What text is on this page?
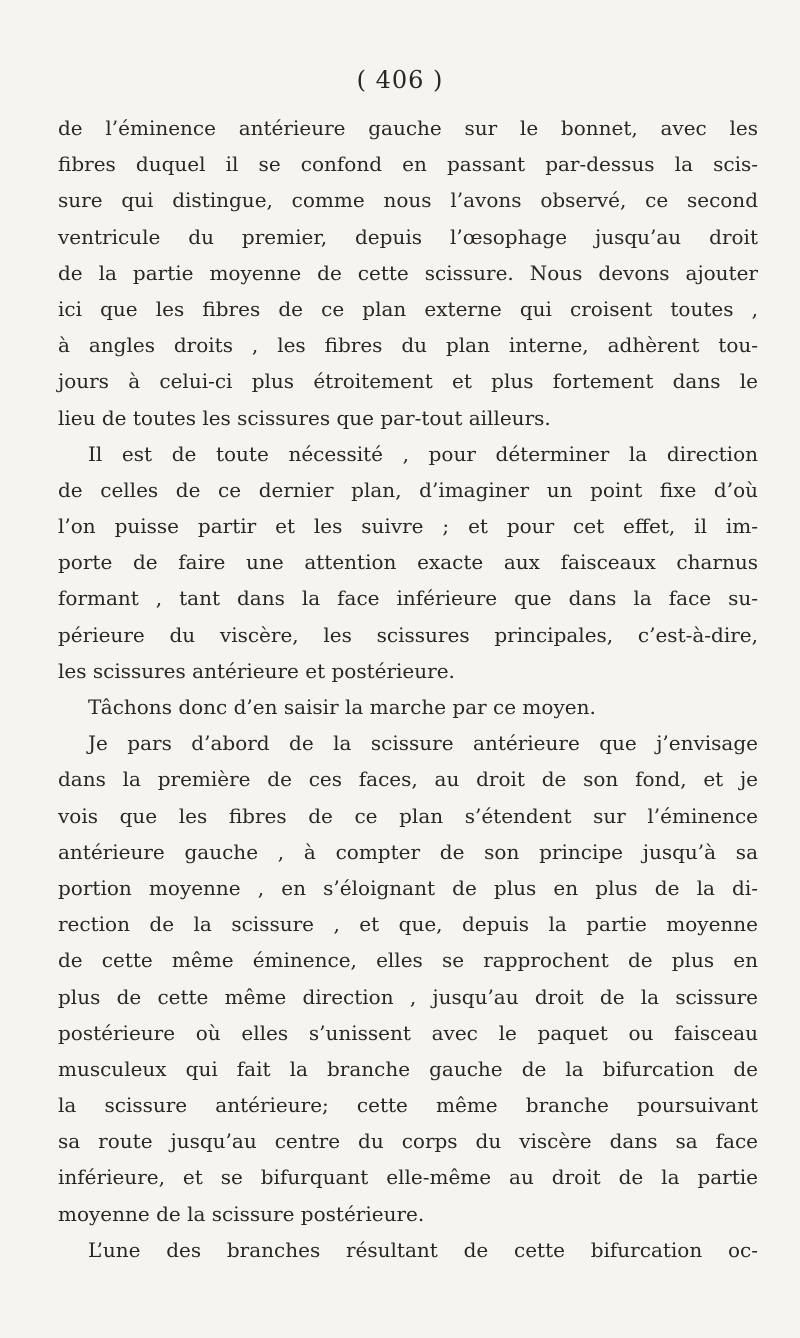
( 406 )
de l’éminence antérieure gauche sur le bonnet, avec les
fibres duquel il se confond en passant par-dessus la scis-
sure qui distingue, comme nous l’avons observé, ce second
ventricule du premier, depuis l’œsophage jusqu’au droit
de la partie moyenne de cette scissure. Nous devons ajouter
ici que les fibres de ce plan externe qui croisent toutes ,
à angles droits , les fibres du plan interne, adhèrent tou-
jours à celui-ci plus étroitement et plus fortement dans le
lieu de toutes les scissures que par-tout ailleurs.
Il est de toute nécessité , pour déterminer la direction
de celles de ce dernier plan, d’imaginer un point fixe d’où
l’on puisse partir et les suivre ; et pour cet effet, il im-
porte de faire une attention exacte aux faisceaux charnus
formant , tant dans la face inférieure que dans la face su-
périeure du viscère, les scissures principales, c’est-à-dire,
les scissures antérieure et postérieure.
Tâchons donc d’en saisir la marche par ce moyen.
Je pars d’abord de la scissure antérieure que j’envisage
dans la première de ces faces, au droit de son fond, et je
vois que les fibres de ce plan s’étendent sur l’éminence
antérieure gauche , à compter de son principe jusqu’à sa
portion moyenne , en s’éloignant de plus en plus de la di-
rection de la scissure , et que, depuis la partie moyenne
de cette même éminence, elles se rapprochent de plus en
plus de cette même direction , jusqu’au droit de la scissure
postérieure où elles s’unissent avec le paquet ou faisceau
musculeux qui fait la branche gauche de la bifurcation de
la scissure antérieure; cette même branche poursuivant
sa route jusqu’au centre du corps du viscère dans sa face
inférieure, et se bifurquant elle-même au droit de la partie
moyenne de la scissure postérieure.
L’une des branches résultant de cette bifurcation oc-
